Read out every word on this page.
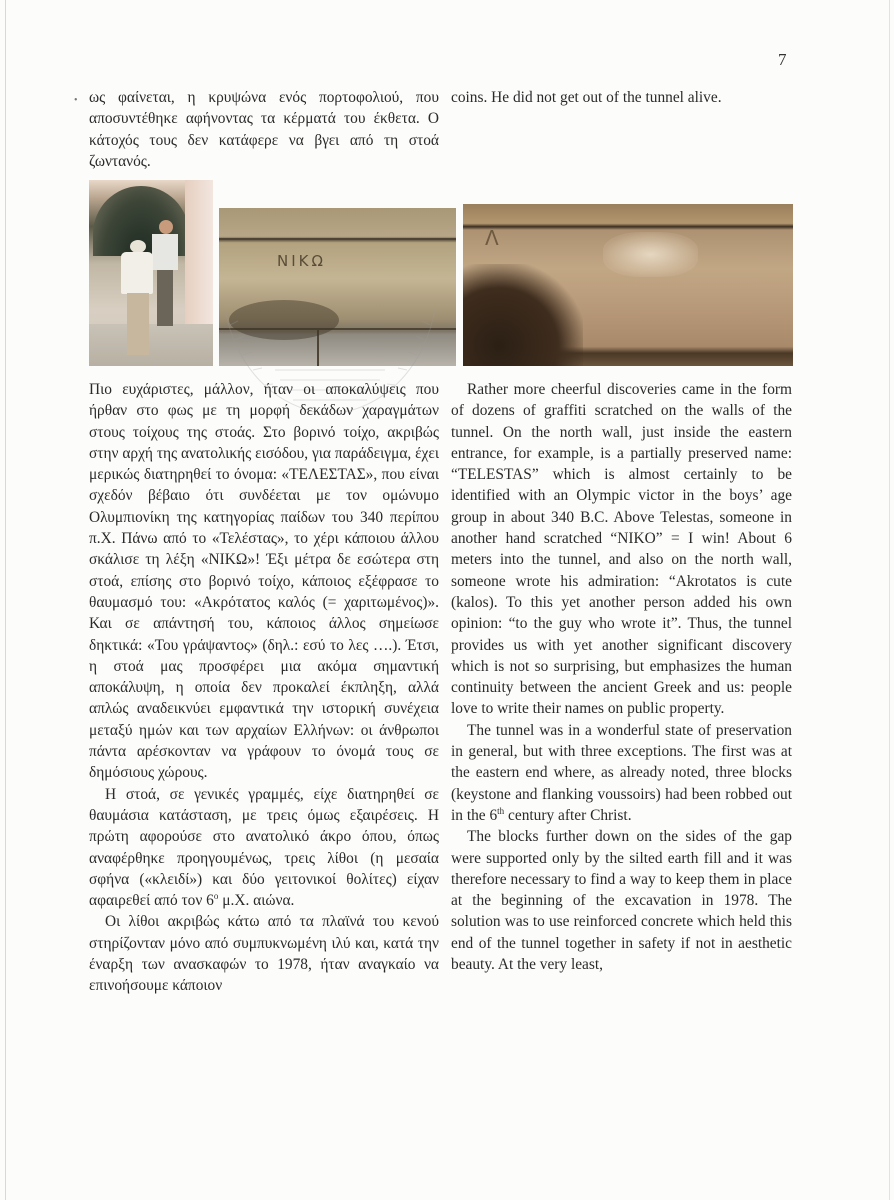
7
• ως φαίνεται, η κρυψώνα ενός πορτοφολιού, που αποσυντέθηκε αφήνοντας τα κέρματά του έκθετα. Ο κάτοχός τους δεν κατάφερε να βγει από τη στοά ζωντανός.

coins. He did not get out of the tunnel alive.

ΝΙΚΩ
Λ

Πιο ευχάριστες, μάλλον, ήταν οι αποκαλύψεις που ήρθαν στο φως με τη μορφή δεκάδων χαραγμάτων στους τοίχους της στοάς. Στο βορινό τοίχο, ακριβώς στην αρχή της ανατολικής εισόδου, για παράδειγμα, έχει μερικώς διατηρηθεί το όνομα: «ΤΕΛΕΣΤΑΣ», που είναι σχεδόν βέβαιο ότι συνδέεται με τον ομώνυμο Ολυμπιονίκη της κατηγορίας παίδων του 340 περίπου π.Χ. Πάνω από το «Τελέστας», το χέρι κάποιου άλλου σκάλισε τη λέξη «ΝΙΚΩ»! Έξι μέτρα δε εσώτερα στη στοά, επίσης στο βορινό τοίχο, κάποιος εξέφρασε το θαυμασμό του: «Ακρότατος καλός (= χαριτωμένος)». Και σε απάντησή του, κάποιος άλλος σημείωσε δηκτικά: «Του γράψαντος» (δηλ.: εσύ το λες ….). Έτσι, η στοά μας προσφέρει μια ακόμα σημαντική αποκάλυψη, η οποία δεν προκαλεί έκπληξη, αλλά απλώς αναδεικνύει εμφαντικά την ιστορική συνέχεια μεταξύ ημών και των αρχαίων Ελλήνων: οι άνθρωποι πάντα αρέσκονταν να γράφουν το όνομά τους σε δημόσιους χώρους.

Η στοά, σε γενικές γραμμές, είχε διατηρηθεί σε θαυμάσια κατάσταση, με τρεις όμως εξαιρέσεις. Η πρώτη αφορούσε στο ανατολικό άκρο όπου, όπως αναφέρθηκε προηγουμένως, τρεις λίθοι (η μεσαία σφήνα («κλειδί») και δύο γειτονικοί θολίτες) είχαν αφαιρεθεί από τον $6^o$ μ.Χ. αιώνα.

Οι λίθοι ακριβώς κάτω από τα πλαϊνά του κενού στηρίζονταν μόνο από συμπυκνωμένη ιλύ και, κατά την έναρξη των ανασκαφών το 1978, ήταν αναγκαίο να επινοήσουμε κάποιον

Rather more cheerful discoveries came in the form of dozens of graffiti scratched on the walls of the tunnel. On the north wall, just inside the eastern entrance, for example, is a partially preserved name: “TELESTAS” which is almost certainly to be identified with an Olympic victor in the boys’ age group in about 340 B.C. Above Telestas, someone in another hand scratched “NIKO” = I win! About 6 meters into the tunnel, and also on the north wall, someone wrote his admiration: “Akrotatos is cute (kalos). To this yet another person added his own opinion: “to the guy who wrote it”. Thus, the tunnel provides us with yet another significant discovery which is not so surprising, but emphasizes the human continuity between the ancient Greek and us: people love to write their names on public property.

The tunnel was in a wonderful state of preservation in general, but with three exceptions. The first was at the eastern end where, as already noted, three blocks (keystone and flanking voussoirs) had been robbed out in the 6th century after Christ.

The blocks further down on the sides of the gap were supported only by the silted earth fill and it was therefore necessary to find a way to keep them in place at the beginning of the excavation in 1978. The solution was to use reinforced concrete which held this end of the tunnel together in safety if not in aesthetic beauty. At the very least,
